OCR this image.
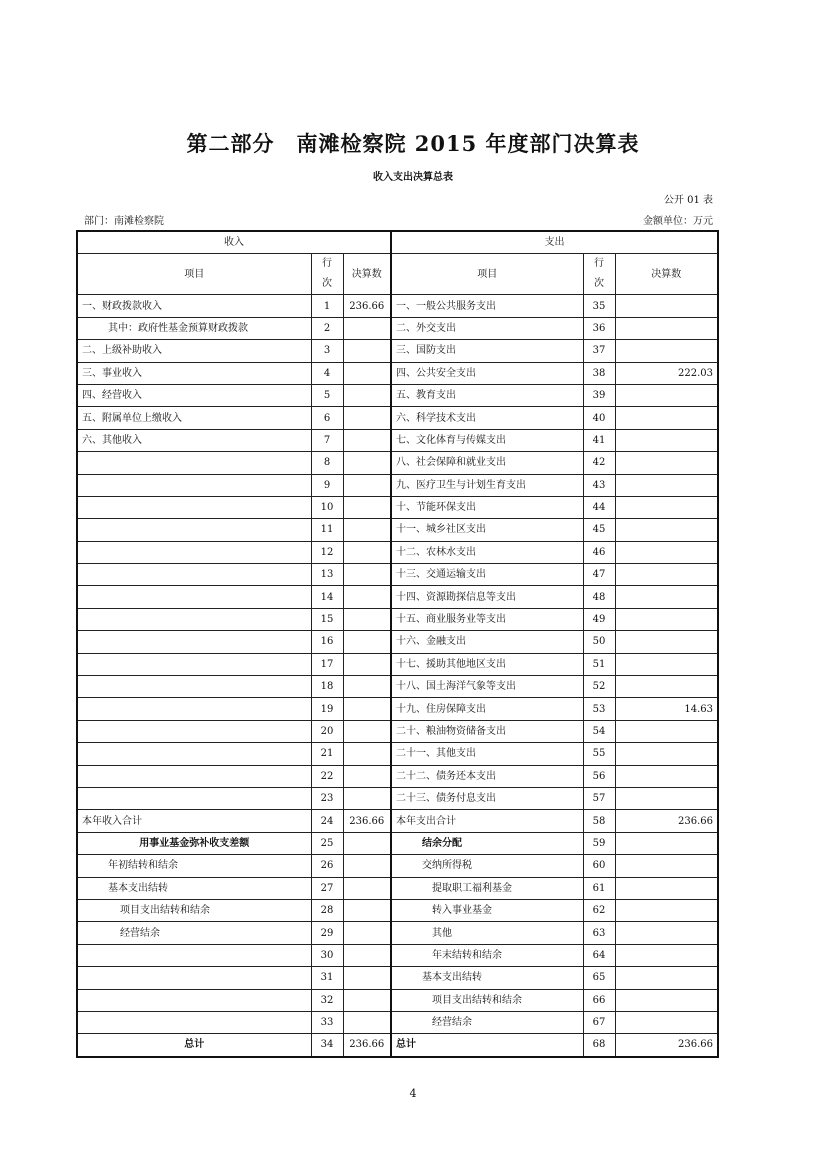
第二部分　南滩检察院 2015 年度部门决算表
收入支出决算总表
公开 01 表
部门：南滩检察院	金额单位：万元
收入			支出		
项目	行次	决算数	项目	行次	决算数
一、财政拨款收入	1	236.66	一、一般公共服务支出	35	
其中：政府性基金预算财政拨款	2		二、外交支出	36	
二、上级补助收入	3		三、国防支出	37	
三、事业收入	4		四、公共安全支出	38	222.03
四、经营收入	5		五、教育支出	39	
五、附属单位上缴收入	6		六、科学技术支出	40	
六、其他收入	7		七、文化体育与传媒支出	41	
	8		八、社会保障和就业支出	42	
	9		九、医疗卫生与计划生育支出	43	
	10		十、节能环保支出	44	
	11		十一、城乡社区支出	45	
	12		十二、农林水支出	46	
	13		十三、交通运输支出	47	
	14		十四、资源勘探信息等支出	48	
	15		十五、商业服务业等支出	49	
	16		十六、金融支出	50	
	17		十七、援助其他地区支出	51	
	18		十八、国土海洋气象等支出	52	
	19		十九、住房保障支出	53	14.63
	20		二十、粮油物资储备支出	54	
	21		二十一、其他支出	55	
	22		二十二、债务还本支出	56	
	23		二十三、债务付息支出	57	
本年收入合计	24	236.66	本年支出合计	58	236.66
用事业基金弥补收支差额	25		结余分配	59	
年初结转和结余	26		交纳所得税	60	
基本支出结转	27		提取职工福利基金	61	
项目支出结转和结余	28		转入事业基金	62	
经营结余	29		其他	63	
	30		年末结转和结余	64	
	31		基本支出结转	65	
	32		项目支出结转和结余	66	
	33		经营结余	67	
总计	34	236.66	总计	68	236.66
4
